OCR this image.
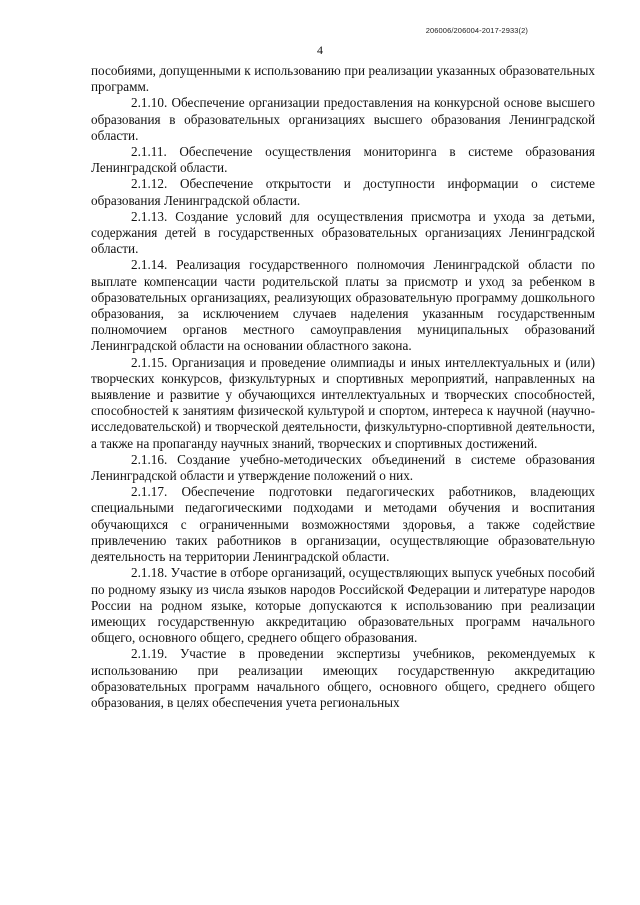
206006/206004-2017-2933(2)
4

пособиями, допущенными к использованию при реализации указанных образовательных программ.

2.1.10. Обеспечение организации предоставления на конкурсной основе высшего образования в образовательных организациях высшего образования Ленинградской области.

2.1.11. Обеспечение осуществления мониторинга в системе образования Ленинградской области.

2.1.12. Обеспечение открытости и доступности информации о системе образования Ленинградской области.

2.1.13. Создание условий для осуществления присмотра и ухода за детьми, содержания детей в государственных образовательных организациях Ленинградской области.

2.1.14. Реализация государственного полномочия Ленинградской области по выплате компенсации части родительской платы за присмотр и уход за ребенком в образовательных организациях, реализующих образовательную программу дошкольного образования, за исключением случаев наделения указанным государственным полномочием органов местного самоуправления муниципальных образований Ленинградской области на основании областного закона.

2.1.15. Организация и проведение олимпиады и иных интеллектуальных и (или) творческих конкурсов, физкультурных и спортивных мероприятий, направленных на выявление и развитие у обучающихся интеллектуальных и творческих способностей, способностей к занятиям физической культурой и спортом, интереса к научной (научно-исследовательской) и творческой деятельности, физкультурно-спортивной деятельности, а также на пропаганду научных знаний, творческих и спортивных достижений.

2.1.16. Создание учебно-методических объединений в системе образования Ленинградской области и утверждение положений о них.

2.1.17. Обеспечение подготовки педагогических работников, владеющих специальными педагогическими подходами и методами обучения и воспитания обучающихся с ограниченными возможностями здоровья, а также содействие привлечению таких работников в организации, осуществляющие образовательную деятельность на территории Ленинградской области.

2.1.18. Участие в отборе организаций, осуществляющих выпуск учебных пособий по родному языку из числа языков народов Российской Федерации и литературе народов России на родном языке, которые допускаются к использованию при реализации имеющих государственную аккредитацию образовательных программ начального общего, основного общего, среднего общего образования.

2.1.19. Участие в проведении экспертизы учебников, рекомендуемых к использованию при реализации имеющих государственную аккредитацию образовательных программ начального общего, основного общего, среднего общего образования, в целях обеспечения учета региональных
